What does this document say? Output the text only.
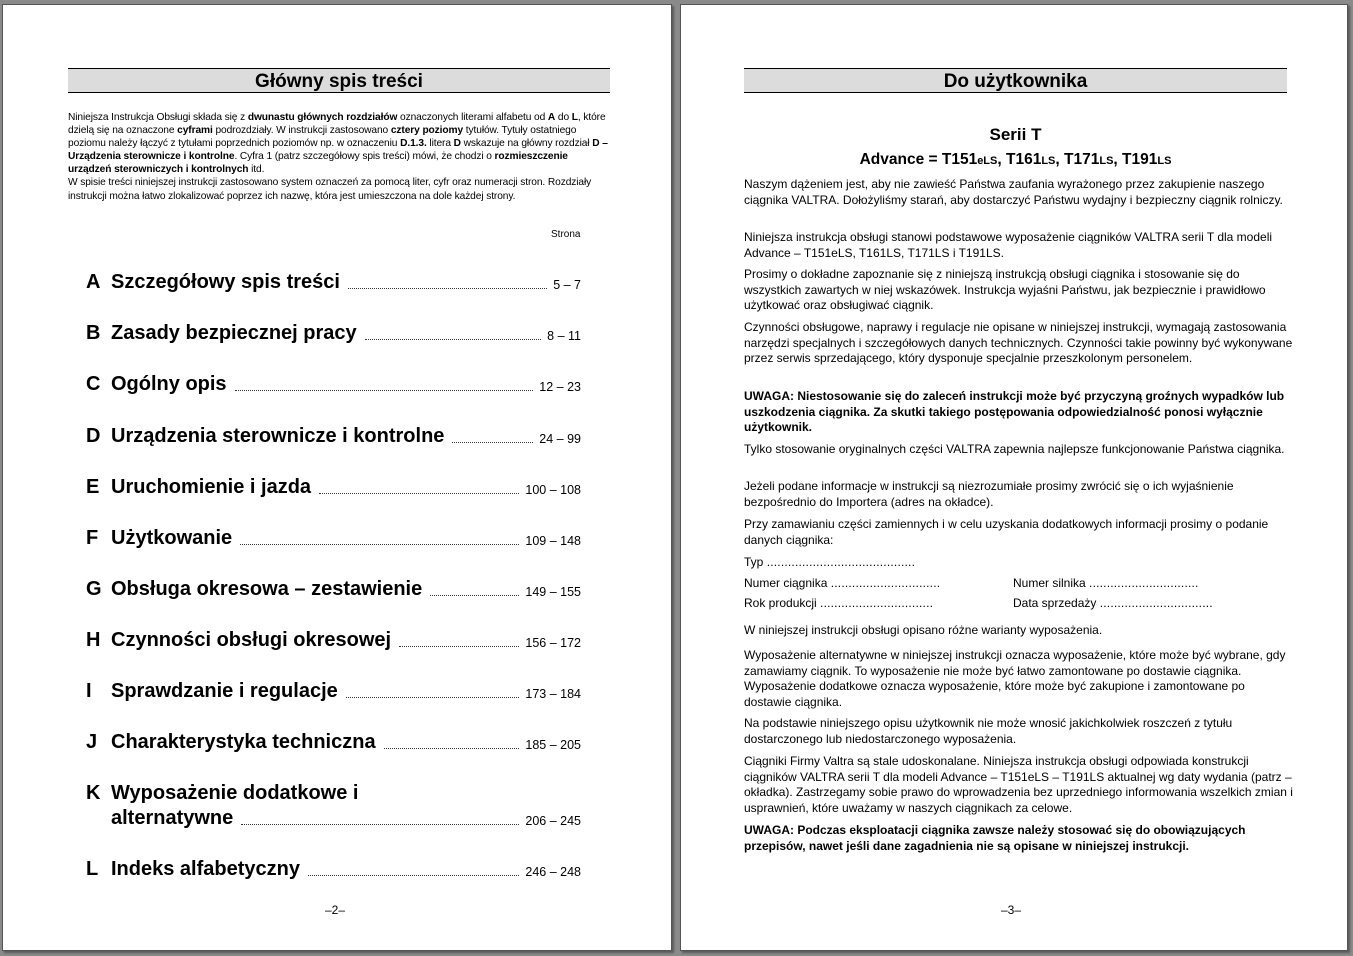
Główny spis treści

Niniejsza Instrukcja Obsługi składa się z dwunastu głównych rozdziałów oznaczonych literami alfabetu od A do L, które dzielą się na oznaczone cyframi podrozdziały. W instrukcji zastosowano cztery poziomy tytułów. Tytuły ostatniego poziomu należy łączyć z tytułami poprzednich poziomów np. w oznaczeniu D.1.3. litera D wskazuje na główny rozdział D – Urządzenia sterownicze i kontrolne. Cyfra 1 (patrz szczegółowy spis treści) mówi, że chodzi o rozmieszczenie urządzeń sterowniczych i kontrolnych itd.

W spisie treści niniejszej instrukcji zastosowano system oznaczeń za pomocą liter, cyfr oraz numeracji stron. Rozdziały instrukcji można łatwo zlokalizować poprzez ich nazwę, która jest umieszczona na dole każdej strony.

Strona
A Szczegółowy spis treści	5 – 7
B Zasady bezpiecznej pracy	8 – 11
C Ogólny opis	12 – 23
D Urządzenia sterownicze i kontrolne	24 – 99
E Uruchomienie i jazda	100 – 108
F Użytkowanie	109 – 148
G Obsługa okresowa – zestawienie	149 – 155
H Czynności obsługi okresowej	156 – 172
I Sprawdzanie i regulacje	173 – 184
J Charakterystyka techniczna	185 – 205
K Wyposażenie dodatkowe i
alternatywne	206 – 245
L Indeks alfabetyczny	246 – 248
–2–
Do użytkownika
Serii T
Advance = T151eLS, T161LS, T171LS, T191LS
Naszym dążeniem jest, aby nie zawieść Państwa zaufania wyrażonego przez zakupienie naszego ciągnika VALTRA. Dołożyliśmy starań, aby dostarczyć Państwu wydajny i bezpieczny ciągnik rolniczy.
Niniejsza instrukcja obsługi stanowi podstawowe wyposażenie ciągników VALTRA serii T dla modeli Advance – T151eLS, T161LS, T171LS i T191LS.
Prosimy o dokładne zapoznanie się z niniejszą instrukcją obsługi ciągnika i stosowanie się do wszystkich zawartych w niej wskazówek. Instrukcja wyjaśni Państwu, jak bezpiecznie i prawidłowo użytkować oraz obsługiwać ciągnik.
Czynności obsługowe, naprawy i regulacje nie opisane w niniejszej instrukcji, wymagają zastosowania narzędzi specjalnych i szczegółowych danych technicznych. Czynności takie powinny być wykonywane przez serwis sprzedającego, który dysponuje specjalnie przeszkolonym personelem.
UWAGA: Niestosowanie się do zaleceń instrukcji może być przyczyną groźnych wypadków lub uszkodzenia ciągnika. Za skutki takiego postępowania odpowiedzialność ponosi wyłącznie użytkownik.
Tylko stosowanie oryginalnych części VALTRA zapewnia najlepsze funkcjonowanie Państwa ciągnika.
Jeżeli podane informacje w instrukcji są niezrozumiałe prosimy zwrócić się o ich wyjaśnienie bezpośrednio do Importera (adres na okładce).
Przy zamawianiu części zamiennych i w celu uzyskania dodatkowych informacji prosimy o podanie danych ciągnika:
Typ ..........................................
Numer ciągnika ...............................	Numer silnika ...............................
Rok produkcji ................................	Data sprzedaży ................................
W niniejszej instrukcji obsługi opisano różne warianty wyposażenia.
Wyposażenie alternatywne w niniejszej instrukcji oznacza wyposażenie, które może być wybrane, gdy zamawiamy ciągnik. To wyposażenie nie może być łatwo zamontowane po dostawie ciągnika. Wyposażenie dodatkowe oznacza wyposażenie, które może być zakupione i zamontowane po dostawie ciągnika.
Na podstawie niniejszego opisu użytkownik nie może wnosić jakichkolwiek roszczeń z tytułu dostarczonego lub niedostarczonego wyposażenia.
Ciągniki Firmy Valtra są stale udoskonalane. Niniejsza instrukcja obsługi odpowiada konstrukcji ciągników VALTRA serii T dla modeli Advance – T151eLS – T191LS aktualnej wg daty wydania (patrz – okładka). Zastrzegamy sobie prawo do wprowadzenia bez uprzedniego informowania wszelkich zmian i usprawnień, które uważamy w naszych ciągnikach za celowe.
UWAGA: Podczas eksploatacji ciągnika zawsze należy stosować się do obowiązujących przepisów, nawet jeśli dane zagadnienia nie są opisane w niniejszej instrukcji.
–3–
